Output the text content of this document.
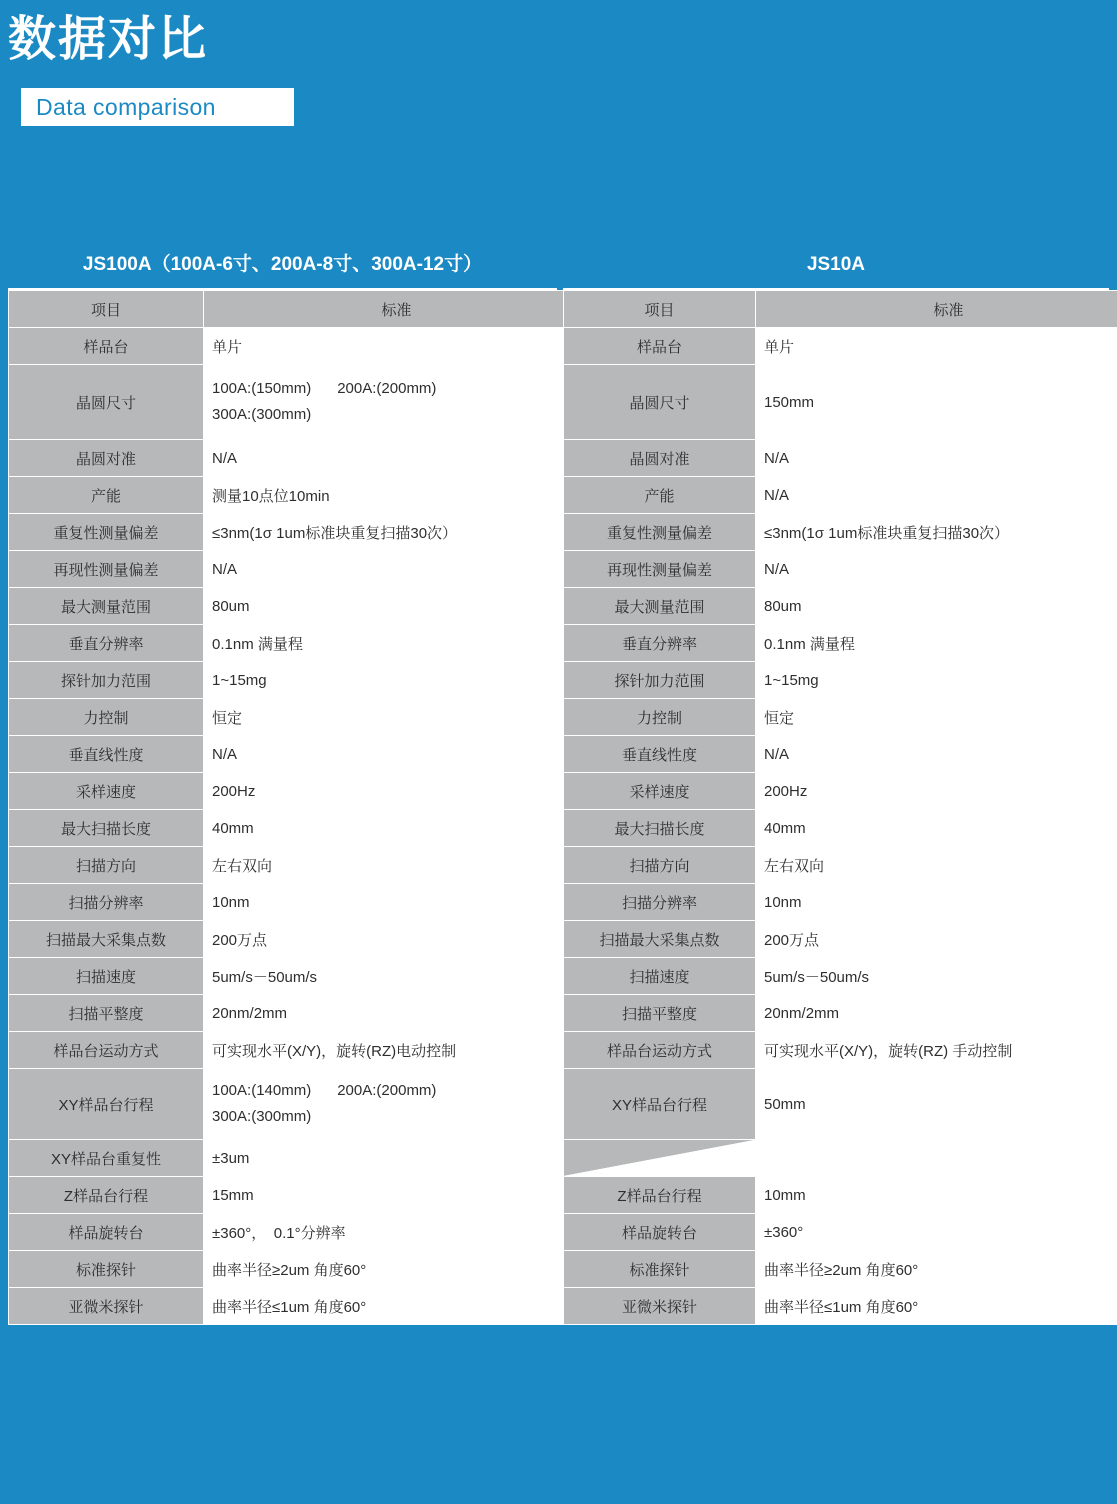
数据对比
Data comparison
JS100A（100A-6寸、200A-8寸、300A-12寸）
项目	标准
样品台	单片
晶圆尺寸	100A:(150mm) 200A:(200mm)
300A:(300mm)
晶圆对准	N/A
产能	测量10点位10min
重复性测量偏差	≤3nm(1σ 1um标准块重复扫描30次）
再现性测量偏差	N/A
最大测量范围	80um
垂直分辨率	0.1nm 满量程
探针加力范围	1~15mg
力控制	恒定
垂直线性度	N/A
采样速度	200Hz
最大扫描长度	40mm
扫描方向	左右双向
扫描分辨率	10nm
扫描最大采集点数	200万点
扫描速度	5um/s－50um/s
扫描平整度	20nm/2mm
样品台运动方式	可实现水平(X/Y)，旋转(RZ)电动控制
XY样品台行程	100A:(140mm) 200A:(200mm)
300A:(300mm)
XY样品台重复性	±3um
Z样品台行程	15mm
样品旋转台	±360°，　0.1°分辨率
标准探针	曲率半径≥2um 角度60°
亚微米探针	曲率半径≤1um 角度60°
JS10A
项目	标准
样品台	单片
晶圆尺寸	150mm
晶圆对准	N/A
产能	N/A
重复性测量偏差	≤3nm(1σ 1um标准块重复扫描30次）
再现性测量偏差	N/A
最大测量范围	80um
垂直分辨率	0.1nm 满量程
探针加力范围	1~15mg
力控制	恒定
垂直线性度	N/A
采样速度	200Hz
最大扫描长度	40mm
扫描方向	左右双向
扫描分辨率	10nm
扫描最大采集点数	200万点
扫描速度	5um/s－50um/s
扫描平整度	20nm/2mm
样品台运动方式	可实现水平(X/Y)，旋转(RZ) 手动控制
XY样品台行程	50mm

Z样品台行程	10mm
样品旋转台	±360°
标准探针	曲率半径≥2um 角度60°
亚微米探针	曲率半径≤1um 角度60°
